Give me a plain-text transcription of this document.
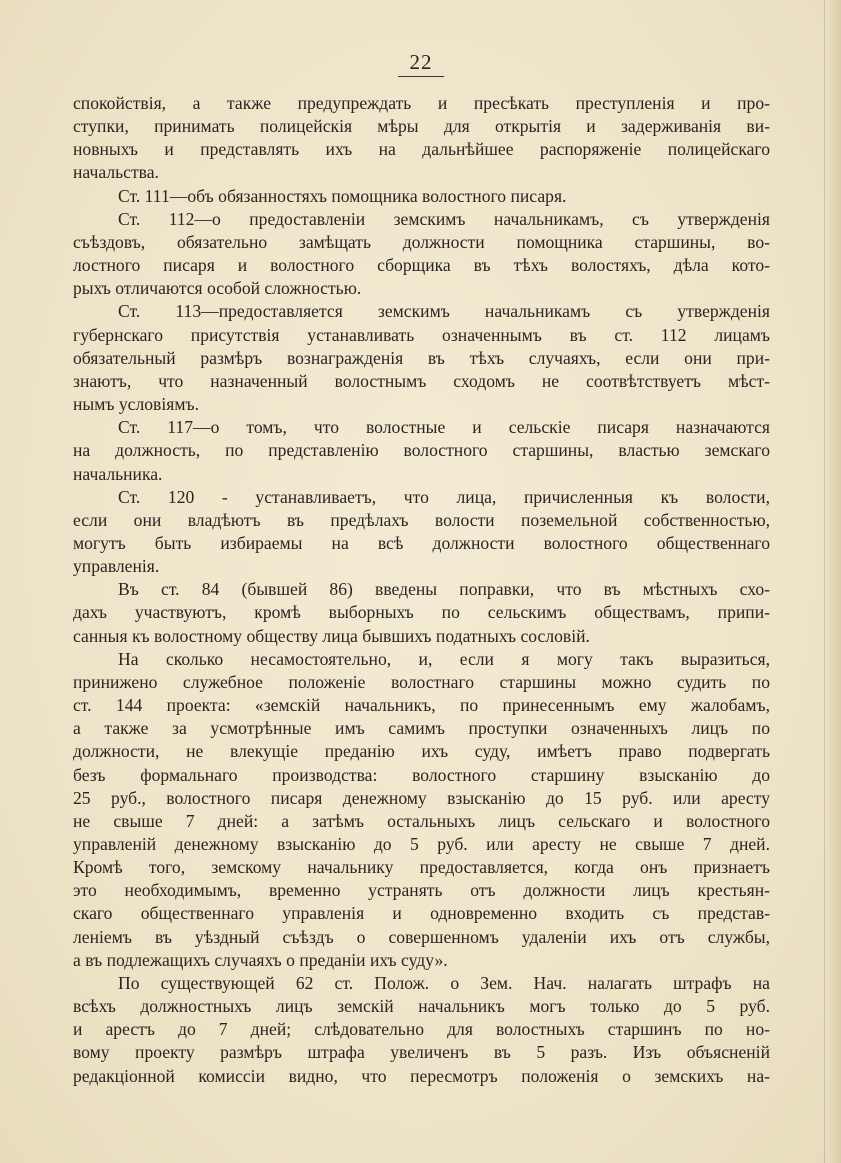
22
спокойствія, а также предупреждать и пресѣкать преступленія и про-
ступки, принимать полицейскія мѣры для открытія и задерживанія ви-
новныхъ и представлять ихъ на дальнѣйшее распоряженіе полицейскаго
начальства.
Ст. 111—объ обязанностяхъ помощника волостного писаря.
Ст. 112—о предоставленіи земскимъ начальникамъ, съ утвержденія
съѣздовъ, обязательно замѣщать должности помощника старшины, во-
лостного писаря и волостного сборщика въ тѣхъ волостяхъ, дѣла кото-
рыхъ отличаются особой сложностью.
Ст. 113—предоставляется земскимъ начальникамъ съ утвержденія
губернскаго присутствія устанавливать означеннымъ въ ст. 112 лицамъ
обязательный размѣръ вознагражденія въ тѣхъ случаяхъ, если они при-
знаютъ, что назначенный волостнымъ сходомъ не соотвѣтствуетъ мѣст-
нымъ условіямъ.
Ст. 117—о томъ, что волостные и сельскіе писаря назначаются
на должность, по представленію волостного старшины, властью земскаго
начальника.
Ст. 120 - устанавливаетъ, что лица, причисленныя къ волости,
если они владѣютъ въ предѣлахъ волости поземельной собственностью,
могутъ быть избираемы на всѣ должности волостного общественнаго
управленія.
Въ ст. 84 (бывшей 86) введены поправки, что въ мѣстныхъ схо-
дахъ участвуютъ, кромѣ выборныхъ по сельскимъ обществамъ, припи-
санныя къ волостному обществу лица бывшихъ податныхъ сословій.
На сколько несамостоятельно, и, если я могу такъ выразиться,
принижено служебное положеніе волостнаго старшины можно судить по
ст. 144 проекта: «земскій начальникъ, по принесеннымъ ему жалобамъ,
а также за усмотрѣнные имъ самимъ проступки означенныхъ лицъ по
должности, не влекущіе преданію ихъ суду, имѣетъ право подвергать
безъ формальнаго производства: волостного старшину взысканію до
25 руб., волостного писаря денежному взысканію до 15 руб. или аресту
не свыше 7 дней: а затѣмъ остальныхъ лицъ сельскаго и волостного
управленій денежному взысканію до 5 руб. или аресту не свыше 7 дней.
Кромѣ того, земскому начальнику предоставляется, когда онъ признаетъ
это необходимымъ, временно устранять отъ должности лицъ крестьян-
скаго общественнаго управленія и одновременно входить съ представ-
леніемъ въ уѣздный съѣздъ о совершенномъ удаленіи ихъ отъ службы,
а въ подлежащихъ случаяхъ о преданіи ихъ суду».
По существующей 62 ст. Полож. о Зем. Нач. налагать штрафъ на
всѣхъ должностныхъ лицъ земскій начальникъ могъ только до 5 руб.
и арестъ до 7 дней; слѣдовательно для волостныхъ старшинъ по но-
вому проекту размѣръ штрафа увеличенъ въ 5 разъ. Изъ объясненій
редакціонной комиссіи видно, что пересмотръ положенія о земскихъ на-
